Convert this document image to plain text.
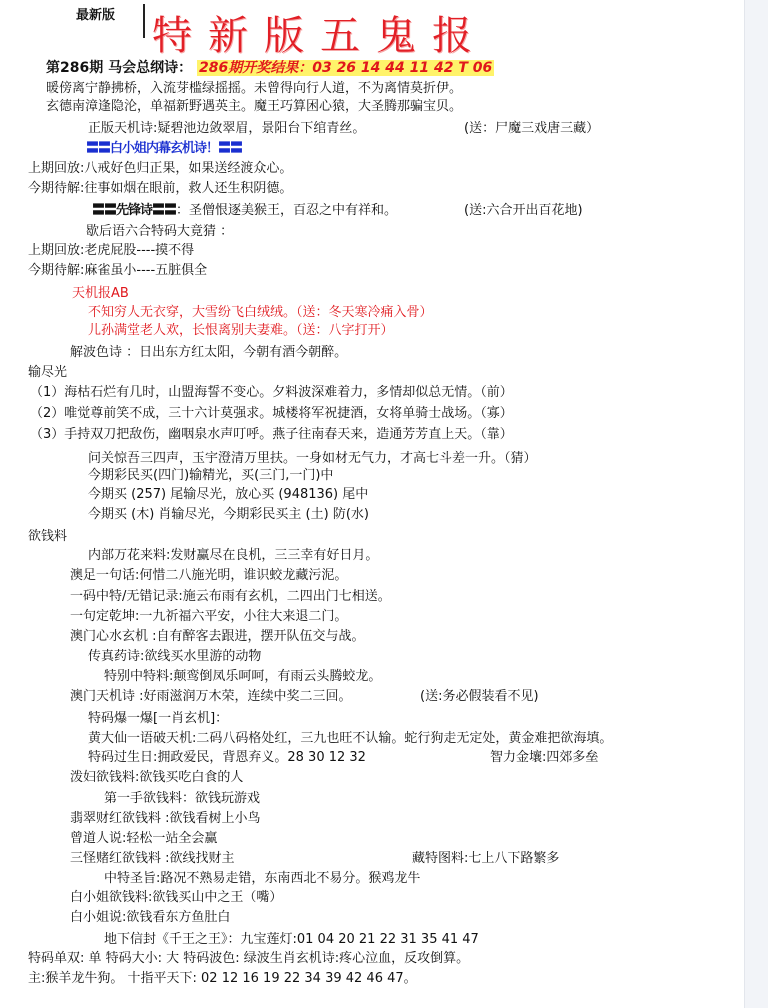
最新版 特新版五鬼报
第286期 马会总纲诗： 286期开奖结果：03 26 14 44 11 42 T 06
暖傍离宁静拂桥，入流芽槛绿摇摇。未曾得向行人道，不为离情莫折伊。
玄德南漳逢隐沦，单福新野遇英主。魔王巧算困心猿，大圣腾那骗宝贝。
正版天机诗:疑碧池边敛翠眉，景阳台下绾青丝。	(送：尸魔三戏唐三藏）
〓〓白小姐内幕玄机诗！〓〓
上期回放:八戒好色归正果，如果送经渡众心。
今期待解:往事如烟在眼前，救人还生积阴德。
〓〓先锋诗〓〓：圣僧恨逐美猴王，百忍之中有祥和。	(送:六合开出百花地)
歇后语六合特码大竟猜 ：
上期回放:老虎屁股----摸不得
今期待解:麻雀虽小----五脏俱全
天机报AB
不知穷人无衣穿，大雪纷飞白绒绒。（送：冬天寒冷痛入骨）
儿孙满堂老人欢，长恨离别夫妻难。（送：八字打开）
解波色诗 ：日出东方红太阳，今朝有酒今朝醉。
输尽光
（1）海枯石烂有几时，山盟海誓不变心。夕料波深难着力，多情却似总无情。（前）
（2）唯觉尊前笑不成，三十六计莫强求。城楼将军祝捷酒，女将单骑士战场。（寡）
（3）手持双刀把敌伤，幽咽泉水声叮呼。燕子往南春天来，造通芳芳直上天。（靠）
问关惊吾三四声，玉宇澄清万里扶。一身如材无气力，才高七斗差一升。（猜）
今期彩民买(四门)输精光，买(三门,一门)中
今期买 (257) 尾输尽光，放心买 (948136) 尾中
今期买 (木) 肖输尽光，今期彩民买主 (土) 防(水)
欲钱料
内部万花来料:发财赢尽在良机，三三幸有好日月。
澳足一句话:何惜二八施光明，谁识蛟龙藏污泥。
一码中特/无错记录:施云布雨有玄机，二四出门七相送。
一句定乾坤:一九祈福六平安，小往大来退二门。
澳门心水玄机 :自有醉客去跟进，摆开队伍交与战。
传真药诗:欲线买水里游的动物
特别中特料:颠鸾倒凤乐呵呵，有雨云头腾蛟龙。
澳门天机诗 :好雨滋润万木荣，连续中奖二三回。	(送:务必假装看不见)
特码爆一爆[一肖玄机]：
黄大仙一语破天机:二码八码格处红，三九也旺不认输。蛇行狗走无定处，黄金难把欲海填。
特码过生日:拥政爱民，背恩弃义。28 30 12 32	智力金壤:四郊多垒
泼妇欲钱料:欲钱买吃白食的人
第一手欲钱料：欲钱玩游戏
翡翠财红欲钱料 :欲钱看树上小鸟
曾道人说:轻松一站全会赢
三怪赌红欲钱料 :欲线找财主	藏特图料:七上八下路繁多
中特圣旨:路况不熟易走错，东南西北不易分。猴鸡龙牛
白小姐欲钱料:欲钱买山中之王（嘴）
白小姐说:欲钱看东方鱼肚白
地下信封《千王之王》：九宝莲灯:01 04 20 21 22 31 35 41 47
特码单双: 单 特码大小: 大 特码波色: 绿波生肖玄机诗:疼心泣血，反攻倒算。
主:猴羊龙牛狗。 十指平天下: 02 12 16 19 22 34 39 42 46 47。
